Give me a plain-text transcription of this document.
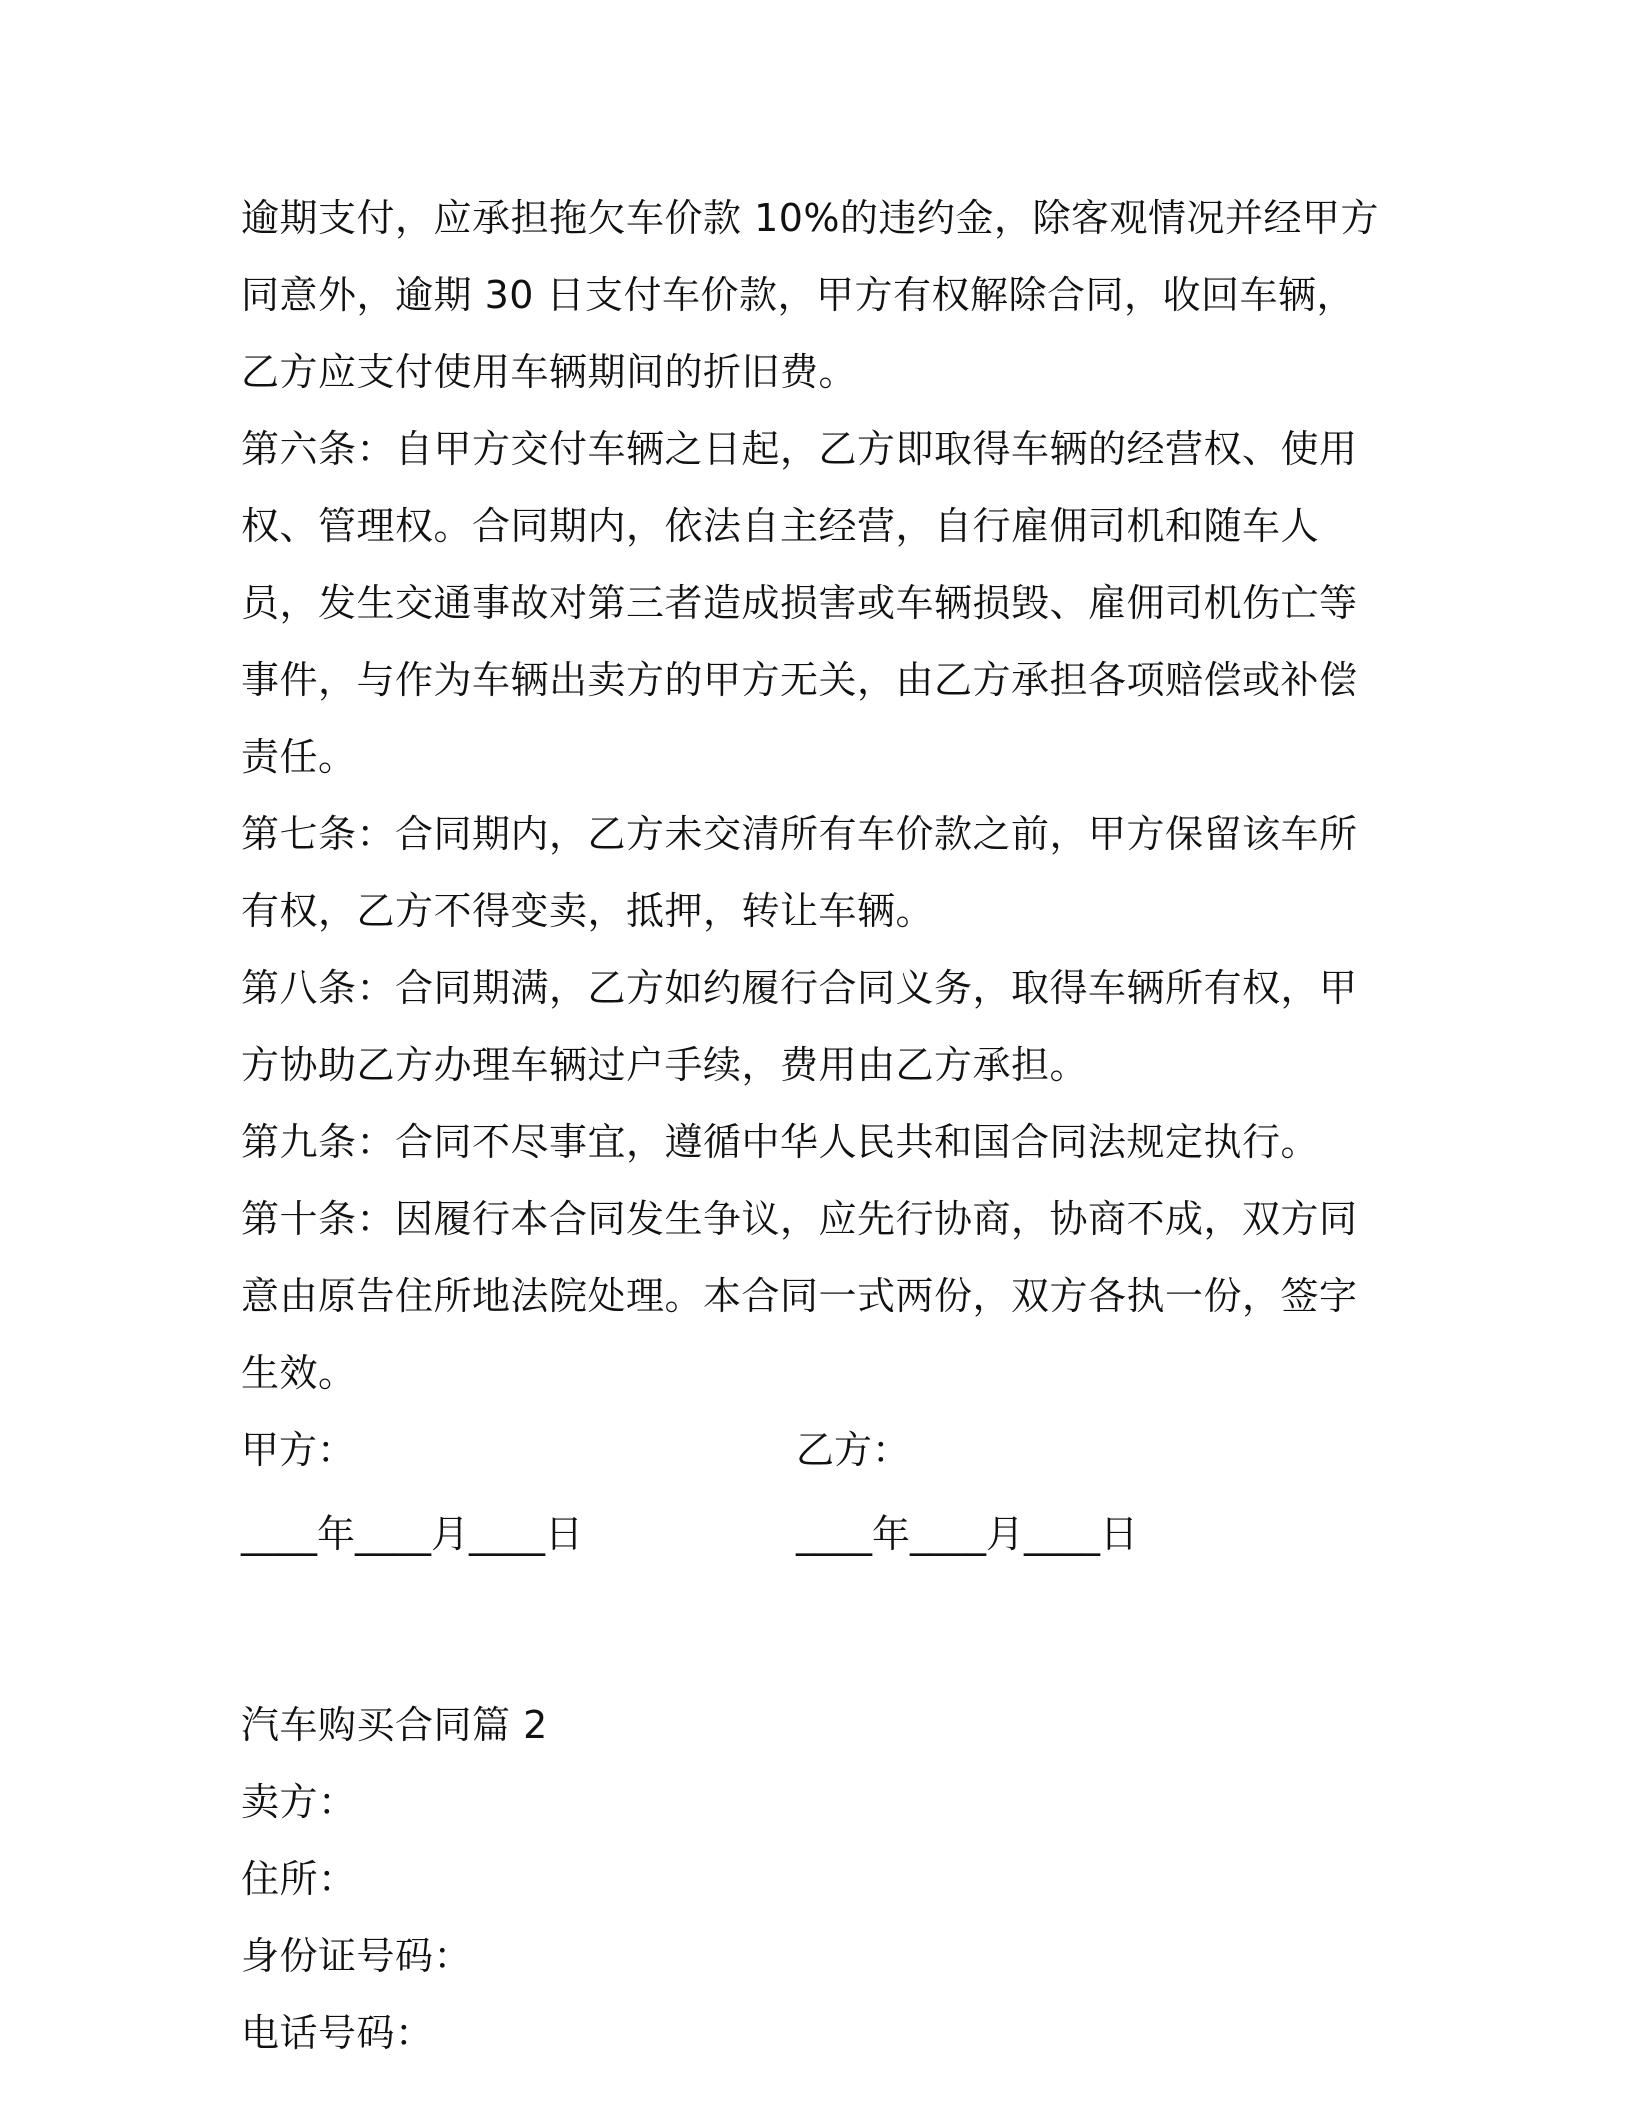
逾期支付，应承担拖欠车价款 10%的违约金，除客观情况并经甲方同意外，逾期 30 日支付车价款，甲方有权解除合同，收回车辆，乙方应支付使用车辆期间的折旧费。

第六条：自甲方交付车辆之日起，乙方即取得车辆的经营权、使用权、管理权。合同期内，依法自主经营，自行雇佣司机和随车人员，发生交通事故对第三者造成损害或车辆损毁、雇佣司机伤亡等事件，与作为车辆出卖方的甲方无关，由乙方承担各项赔偿或补偿责任。

第七条：合同期内，乙方未交清所有车价款之前，甲方保留该车所有权，乙方不得变卖，抵押，转让车辆。

第八条：合同期满，乙方如约履行合同义务，取得车辆所有权，甲方协助乙方办理车辆过户手续，费用由乙方承担。

第九条：合同不尽事宜，遵循中华人民共和国合同法规定执行。

第十条：因履行本合同发生争议，应先行协商，协商不成，双方同意由原告住所地法院处理。本合同一式两份，双方各执一份，签字生效。

甲方：	乙方：
____年____月____日	____年____月____日

汽车购买合同篇 2

卖方：

住所：

身份证号码：

电话号码：
